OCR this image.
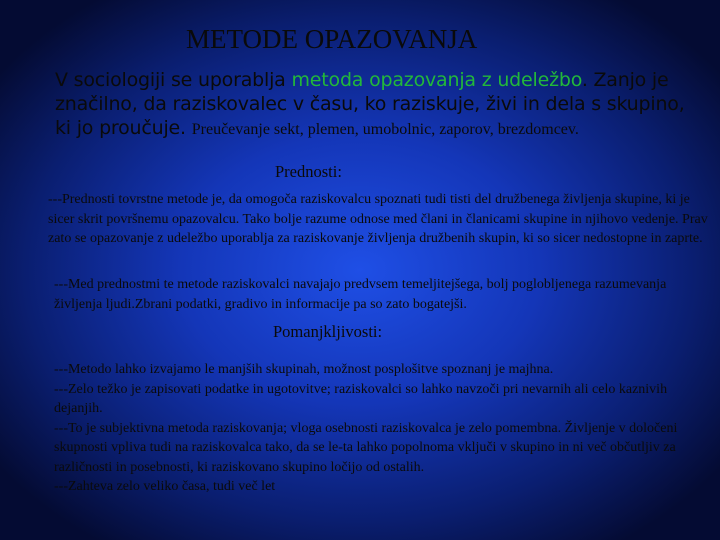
METODE OPAZOVANJA
V sociologiji se uporablja metoda opazovanja z udeležbo. Zanjo je značilno, da raziskovalec v času, ko raziskuje, živi in dela s skupino, ki jo proučuje. Preučevanje sekt, plemen, umobolnic, zaporov, brezdomcev.
Prednosti:

---Prednosti tovrstne metode je, da omogoča raziskovalcu spoznati tudi tisti del družbenega življenja skupine, ki je sicer skrit površnemu opazovalcu. Tako bolje razume odnose med člani in članicami skupine in njihovo vedenje. Prav zato se opazovanje z udeležbo uporablja za raziskovanje življenja družbenih skupin, ki so sicer nedostopne in zaprte.

---Med prednostmi te metode raziskovalci navajajo predvsem temeljitejšega, bolj poglobljenega razumevanja življenja ljudi.Zbrani podatki, gradivo in informacije pa so zato bogatejši.

Pomanjkljivosti:
---Metodo lahko izvajamo le manjših skupinah, možnost posplošitve spoznanj je majhna.
---Zelo težko je zapisovati podatke in ugotovitve; raziskovalci so lahko navzoči pri nevarnih ali celo kaznivih dejanjih.
---To je subjektivna metoda raziskovanja; vloga osebnosti raziskovalca je zelo pomembna. Življenje v določeni skupnosti vpliva tudi na raziskovalca tako, da se le-ta lahko popolnoma vključi v skupino in ni več občutljiv za različnosti in posebnosti, ki raziskovano skupino ločijo od ostalih.
---Zahteva zelo veliko časa, tudi več let
